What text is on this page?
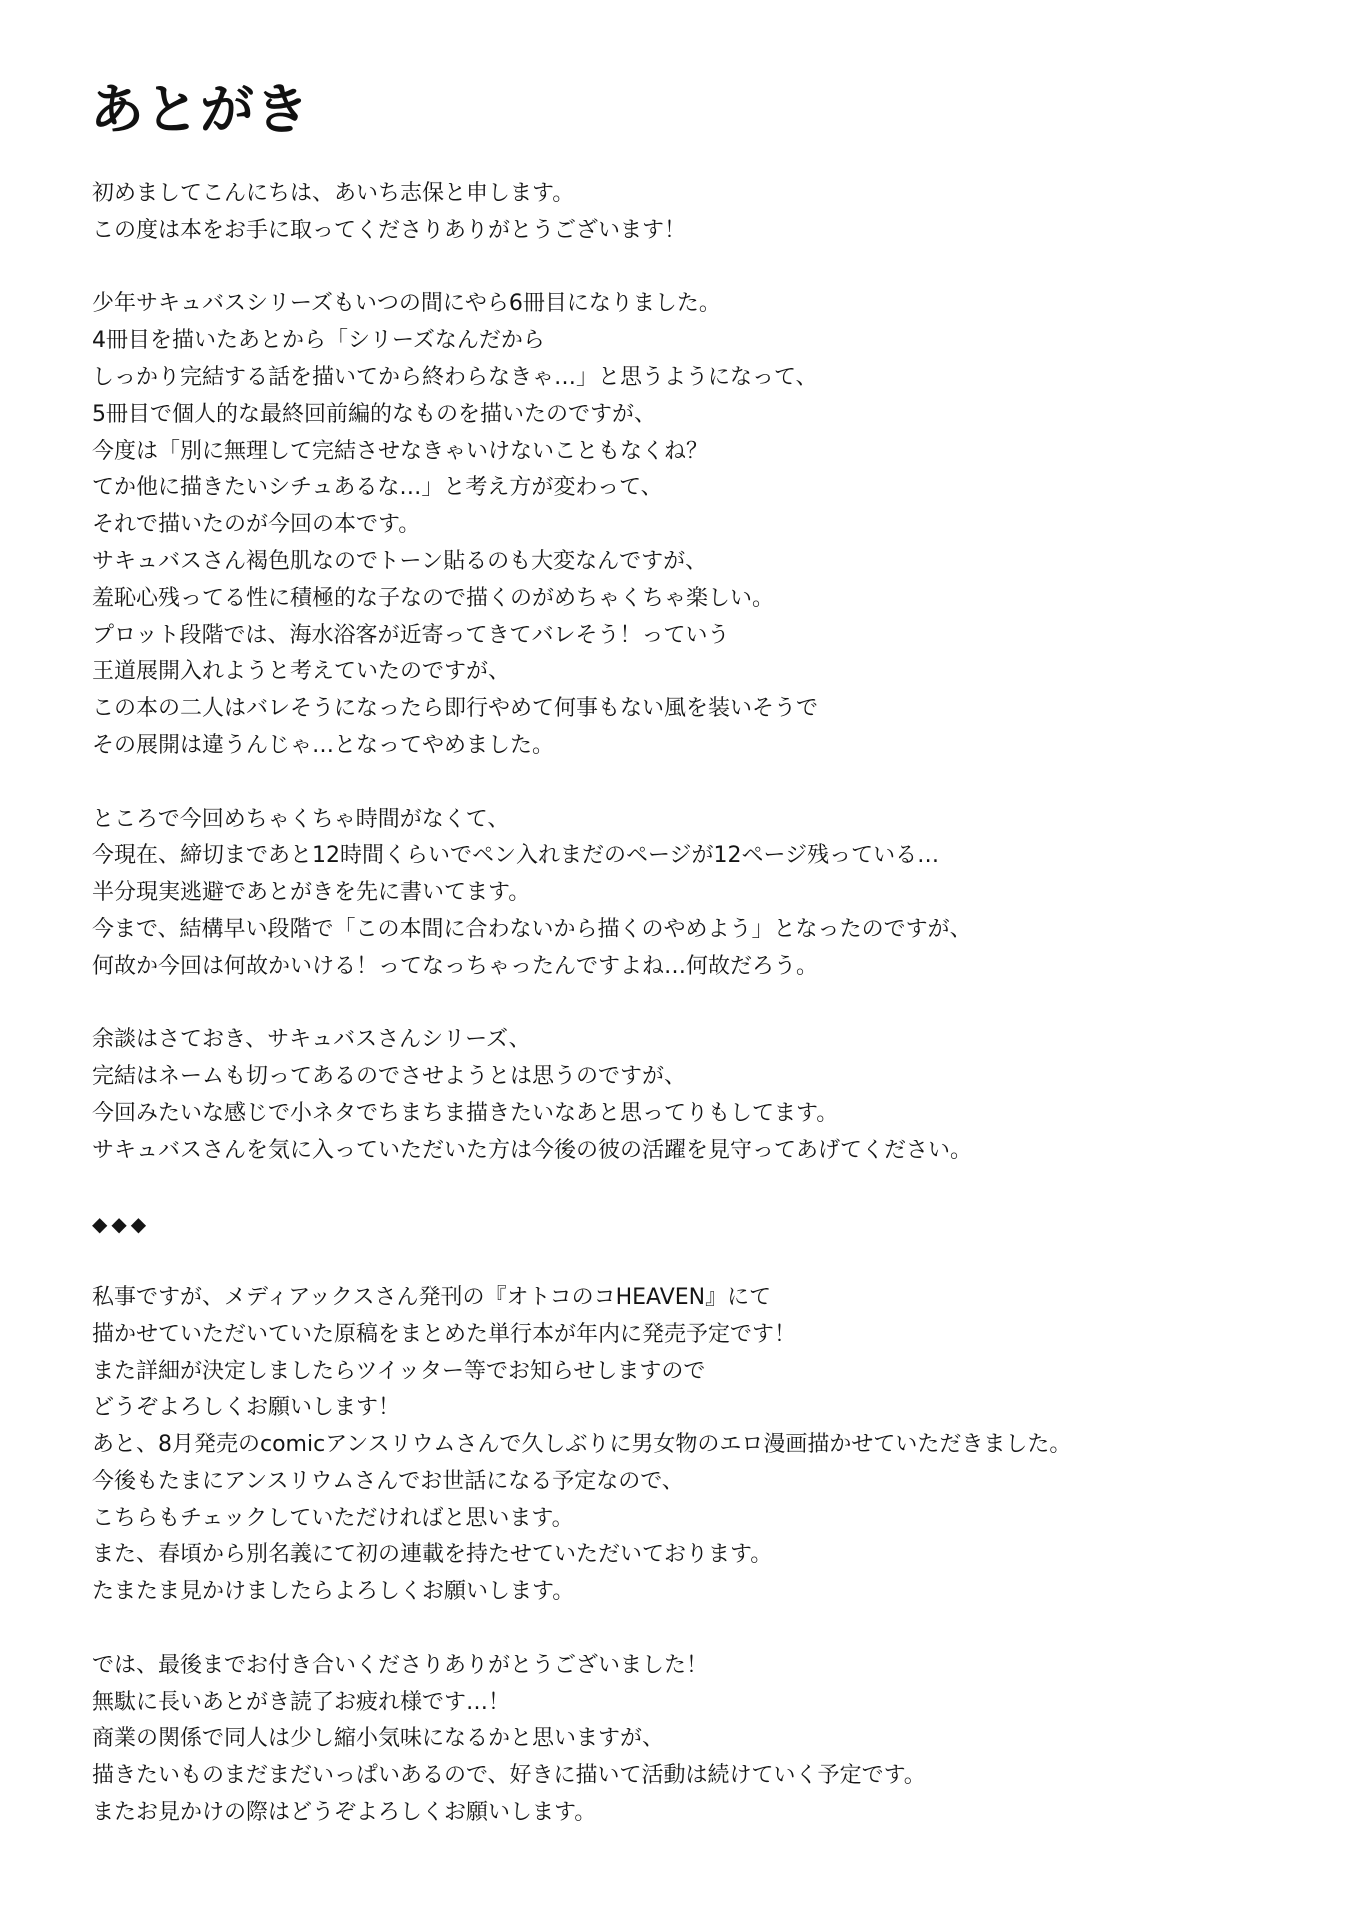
あとがき
初めましてこんにちは、あいち志保と申します。
この度は本をお手に取ってくださりありがとうございます！
少年サキュバスシリーズもいつの間にやら6冊目になりました。
4冊目を描いたあとから「シリーズなんだから
しっかり完結する話を描いてから終わらなきゃ…」と思うようになって、
5冊目で個人的な最終回前編的なものを描いたのですが、
今度は「別に無理して完結させなきゃいけないこともなくね？
てか他に描きたいシチュあるな…」と考え方が変わって、
それで描いたのが今回の本です。
サキュバスさん褐色肌なのでトーン貼るのも大変なんですが、
羞恥心残ってる性に積極的な子なので描くのがめちゃくちゃ楽しい。
プロット段階では、海水浴客が近寄ってきてバレそう！っていう
王道展開入れようと考えていたのですが、
この本の二人はバレそうになったら即行やめて何事もない風を装いそうで
その展開は違うんじゃ…となってやめました。
ところで今回めちゃくちゃ時間がなくて、
今現在、締切まであと12時間くらいでペン入れまだのページが12ページ残っている…
半分現実逃避であとがきを先に書いてます。
今まで、結構早い段階で「この本間に合わないから描くのやめよう」となったのですが、
何故か今回は何故かいける！ってなっちゃったんですよね…何故だろう。
余談はさておき、サキュバスさんシリーズ、
完結はネームも切ってあるのでさせようとは思うのですが、
今回みたいな感じで小ネタでちまちま描きたいなあと思ってりもしてます。
サキュバスさんを気に入っていただいた方は今後の彼の活躍を見守ってあげてください。
◆◆◆
私事ですが、メディアックスさん発刊の『オトコのコHEAVEN』にて
描かせていただいていた原稿をまとめた単行本が年内に発売予定です！
また詳細が決定しましたらツイッター等でお知らせしますので
どうぞよろしくお願いします！
あと、8月発売のcomicアンスリウムさんで久しぶりに男女物のエロ漫画描かせていただきました。
今後もたまにアンスリウムさんでお世話になる予定なので、
こちらもチェックしていただければと思います。
また、春頃から別名義にて初の連載を持たせていただいております。
たまたま見かけましたらよろしくお願いします。
では、最後までお付き合いくださりありがとうございました！
無駄に長いあとがき読了お疲れ様です…！
商業の関係で同人は少し縮小気味になるかと思いますが、
描きたいものまだまだいっぱいあるので、好きに描いて活動は続けていく予定です。
またお見かけの際はどうぞよろしくお願いします。
